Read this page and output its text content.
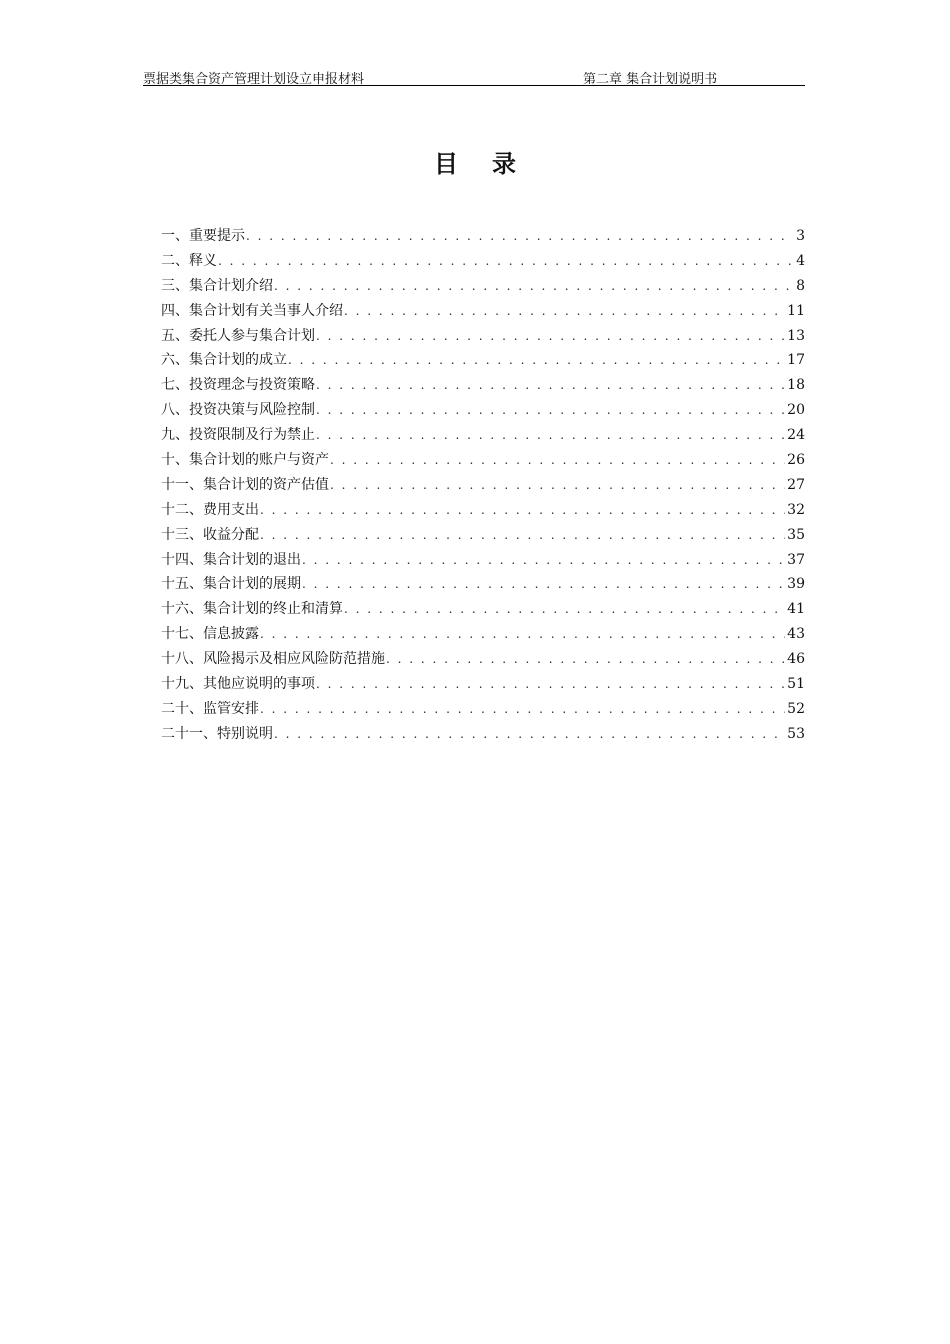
票据类集合资产管理计划设立申报材料	第二章 集合计划说明书
目录
一、重要提示 . . .	3
二、释义 . . .	4
三、集合计划介绍 . . .	8
四、集合计划有关当事人介绍 . . .	11
五、委托人参与集合计划 . . .	13
六、集合计划的成立 . . .	17
七、投资理念与投资策略 . . .	18
八、投资决策与风险控制 . . .	20
九、投资限制及行为禁止 . . .	24
十、集合计划的账户与资产 . . .	26
十一、集合计划的资产估值 . . .	27
十二、费用支出 . . .	32
十三、收益分配 . . .	35
十四、集合计划的退出 . . .	37
十五、集合计划的展期 . . .	39
十六、集合计划的终止和清算 . . .	41
十七、信息披露 . . .	43
十八、风险揭示及相应风险防范措施 . . .	46
十九、其他应说明的事项 . . .	51
二十、监管安排 . . .	52
二十一、特别说明 . . .	53
